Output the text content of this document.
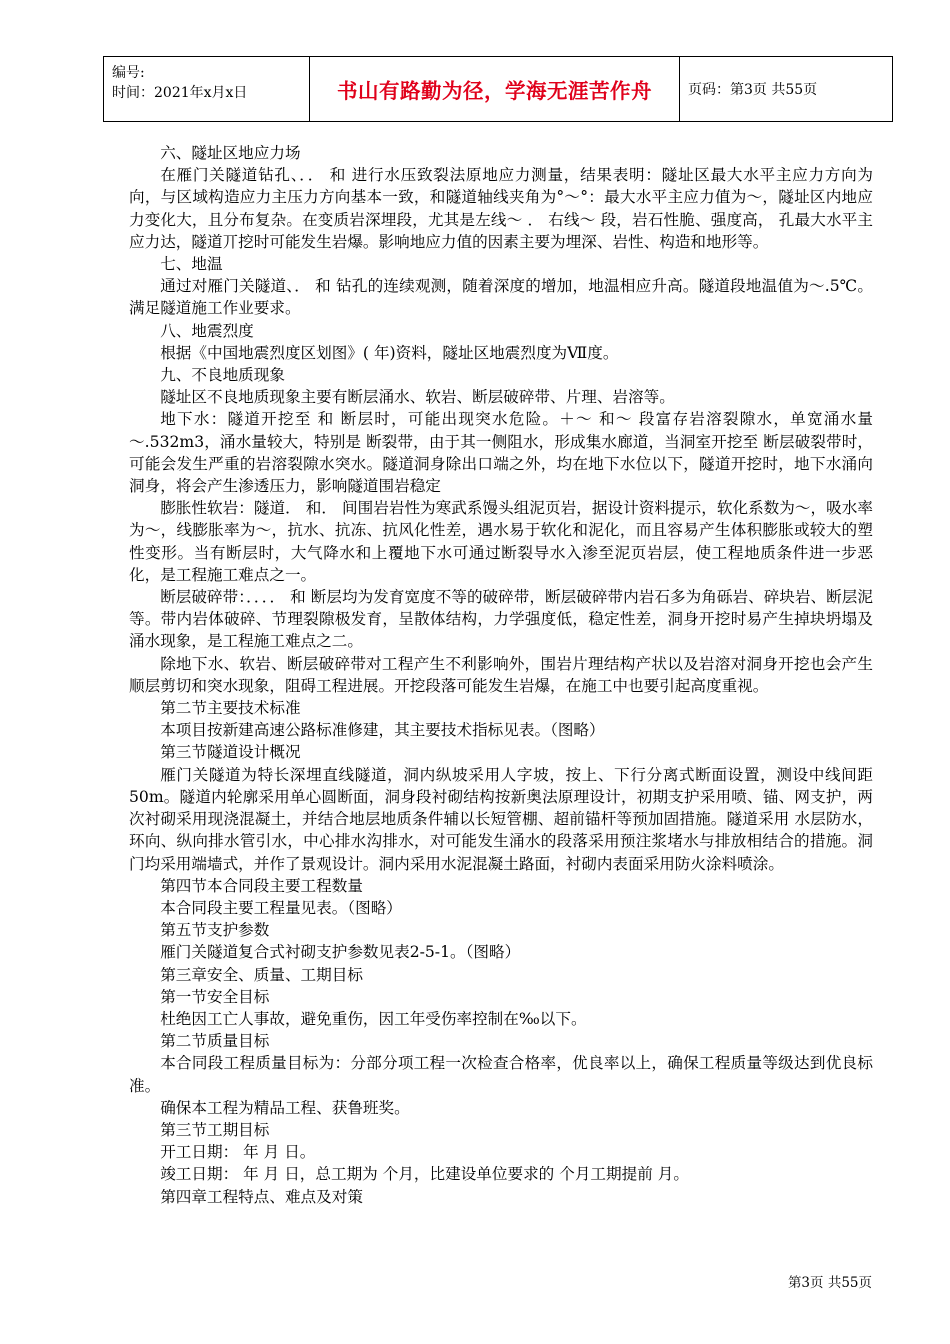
编号:
时间：2021年x月x日	书山有路勤为径，学海无涯苦作舟	页码：第3页 共55页

六、隧址区地应力场

在雁门关隧道钻孔、．． 和 进行水压致裂法原地应力测量，结果表明：隧址区最大水平主应力方向为 向，与区域构造应力主压力方向基本一致，和隧道轴线夹角为°～°：最大水平主应力值为～，隧址区内地应力变化大，且分布复杂。在变质岩深埋段，尤其是左线～ ． 右线～ 段，岩石性脆、强度高， 孔最大水平主应力达，隧道丌挖时可能发生岩爆。影响地应力值的因素主要为埋深、岩性、构造和地形等。

七、地温

通过对雁门关隧道、． 和 钻孔的连续观测，随着深度的增加，地温相应升高。隧道段地温值为～.5℃。满足隧道施工作业要求。

八、地震烈度

根据《中国地震烈度区划图》( 年)资料，隧址区地震烈度为Ⅶ度。

九、不良地质现象

隧址区不良地质现象主要有断层涌水、软岩、断层破碎带、片理、岩溶等。

地下水：隧道开挖至 和 断层时，可能出现突水危险。＋～ 和～ 段富存岩溶裂隙水，单宽涌水量～.532m3，涌水量较大，特别是 断裂带，由于其一侧阻水，形成集水廊道，当洞室开挖至 断层破裂带时，可能会发生严重的岩溶裂隙水突水。隧道洞身除出口端之外，均在地下水位以下，隧道开挖时，地下水涌向洞身，将会产生渗透压力，影响隧道围岩稳定

膨胀性软岩：隧道． 和． 间围岩岩性为寒武系馒头组泥页岩，据设计资料提示，软化系数为～，吸水率为～，线膨胀率为～，抗水、抗冻、抗风化性差，遇水易于软化和泥化，而且容易产生体积膨胀或较大的塑性变形。当有断层时，大气降水和上覆地下水可通过断裂导水入渗至泥页岩层，使工程地质条件进一步恶化，是工程施工难点之一。

断层破碎带：．．．． 和 断层均为发育宽度不等的破碎带，断层破碎带内岩石多为角砾岩、碎块岩、断层泥等。带内岩体破碎、节理裂隙极发育，呈散体结构，力学强度低，稳定性差，洞身开挖时易产生掉块坍塌及涌水现象，是工程施工难点之二。

除地下水、软岩、断层破碎带对工程产生不利影响外，围岩片理结构产状以及岩溶对洞身开挖也会产生顺层剪切和突水现象，阻碍工程进展。开挖段落可能发生岩爆，在施工中也要引起高度重视。

第二节主要技术标准

本项目按新建高速公路标准修建，其主要技术指标见表。（图略）

第三节隧道设计概况

雁门关隧道为特长深埋直线隧道，洞内纵坡采用人字坡，按上、下行分离式断面设置，测设中线间距50m。隧道内轮廓采用单心圆断面，洞身段衬砌结构按新奥法原理设计，初期支护采用喷、锚、网支护，两次衬砌采用现浇混凝土，并结合地层地质条件辅以长短管棚、超前锚杆等预加固措施。隧道采用 水层防水，环向、纵向排水管引水，中心排水沟排水，对可能发生涌水的段落采用预注浆堵水与排放相结合的措施。洞门均采用端墙式，并作了景观设计。洞内采用水泥混凝土路面，衬砌内表面采用防火涂料喷涂。

第四节本合同段主要工程数量

本合同段主要工程量见表。（图略）

第五节支护参数

雁门关隧道复合式衬砌支护参数见表2-5-1。（图略）

第三章安全、质量、工期目标

第一节安全目标

杜绝因工亡人事故，避免重伤，因工年受伤率控制在‰以下。

第二节质量目标

本合同段工程质量目标为：分部分项工程一次检查合格率，优良率以上，确保工程质量等级达到优良标准。

确保本工程为精品工程、获鲁班奖。

第三节工期目标

开工日期： 年 月 日。

竣工日期： 年 月 日，总工期为 个月，比建设单位要求的 个月工期提前 月。

第四章工程特点、难点及对策

第3页 共55页
